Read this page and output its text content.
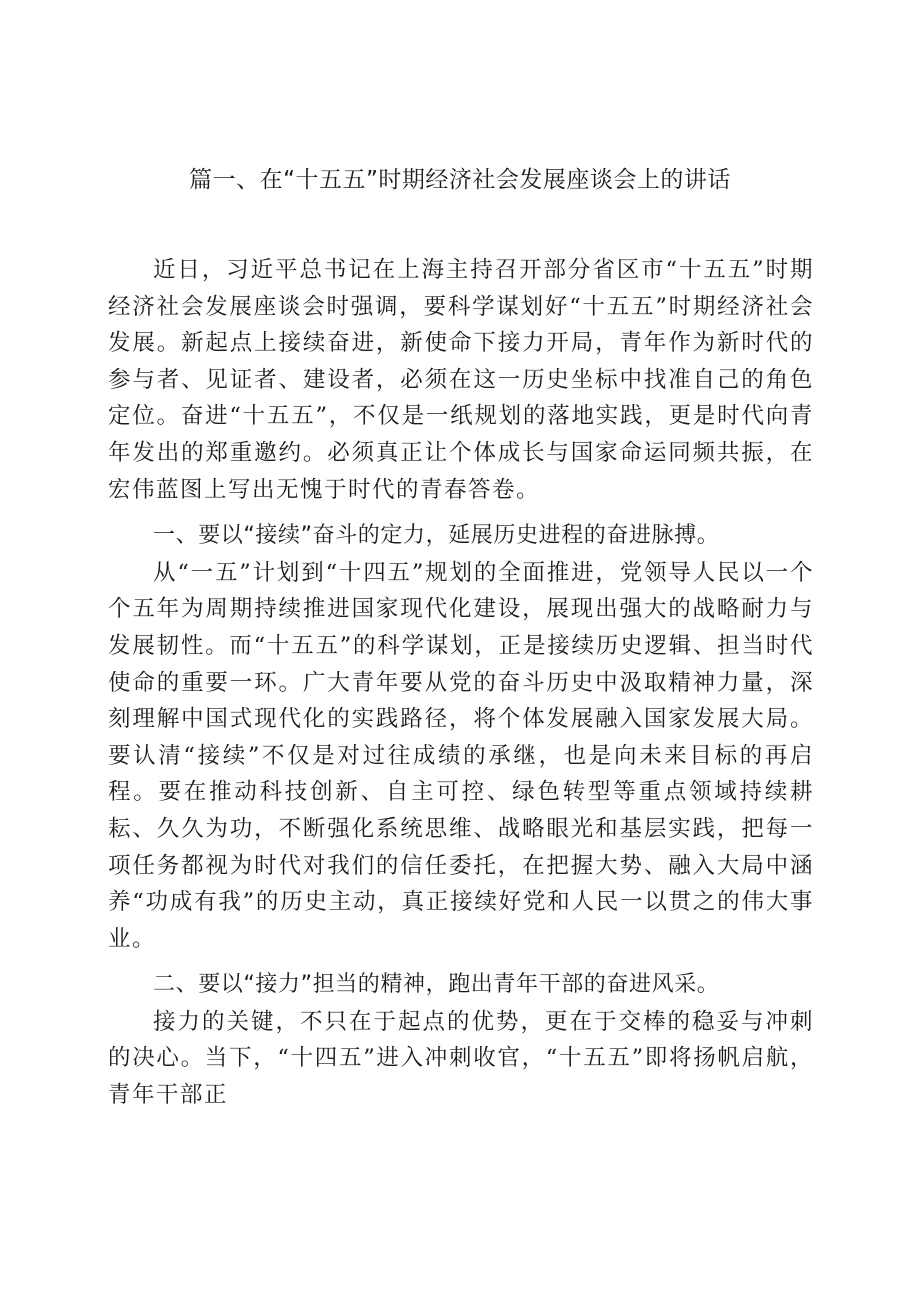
篇一、在“十五五”时期经济社会发展座谈会上的讲话

近日，习近平总书记在上海主持召开部分省区市“十五五”时期经济社会发展座谈会时强调，要科学谋划好“十五五”时期经济社会发展。新起点上接续奋进，新使命下接力开局，青年作为新时代的参与者、见证者、建设者，必须在这一历史坐标中找准自己的角色定位。奋进“十五五”，不仅是一纸规划的落地实践，更是时代向青年发出的郑重邀约。必须真正让个体成长与国家命运同频共振，在宏伟蓝图上写出无愧于时代的青春答卷。

一、要以“接续”奋斗的定力，延展历史进程的奋进脉搏。

从“一五”计划到“十四五”规划的全面推进，党领导人民以一个个五年为周期持续推进国家现代化建设，展现出强大的战略耐力与发展韧性。而“十五五”的科学谋划，正是接续历史逻辑、担当时代使命的重要一环。广大青年要从党的奋斗历史中汲取精神力量，深刻理解中国式现代化的实践路径，将个体发展融入国家发展大局。要认清“接续”不仅是对过往成绩的承继，也是向未来目标的再启程。要在推动科技创新、自主可控、绿色转型等重点领域持续耕耘、久久为功，不断强化系统思维、战略眼光和基层实践，把每一项任务都视为时代对我们的信任委托，在把握大势、融入大局中涵养“功成有我”的历史主动，真正接续好党和人民一以贯之的伟大事业。

二、要以“接力”担当的精神，跑出青年干部的奋进风采。

接力的关键，不只在于起点的优势，更在于交棒的稳妥与冲刺的决心。当下，“十四五”进入冲刺收官，“十五五”即将扬帆启航，青年干部正
